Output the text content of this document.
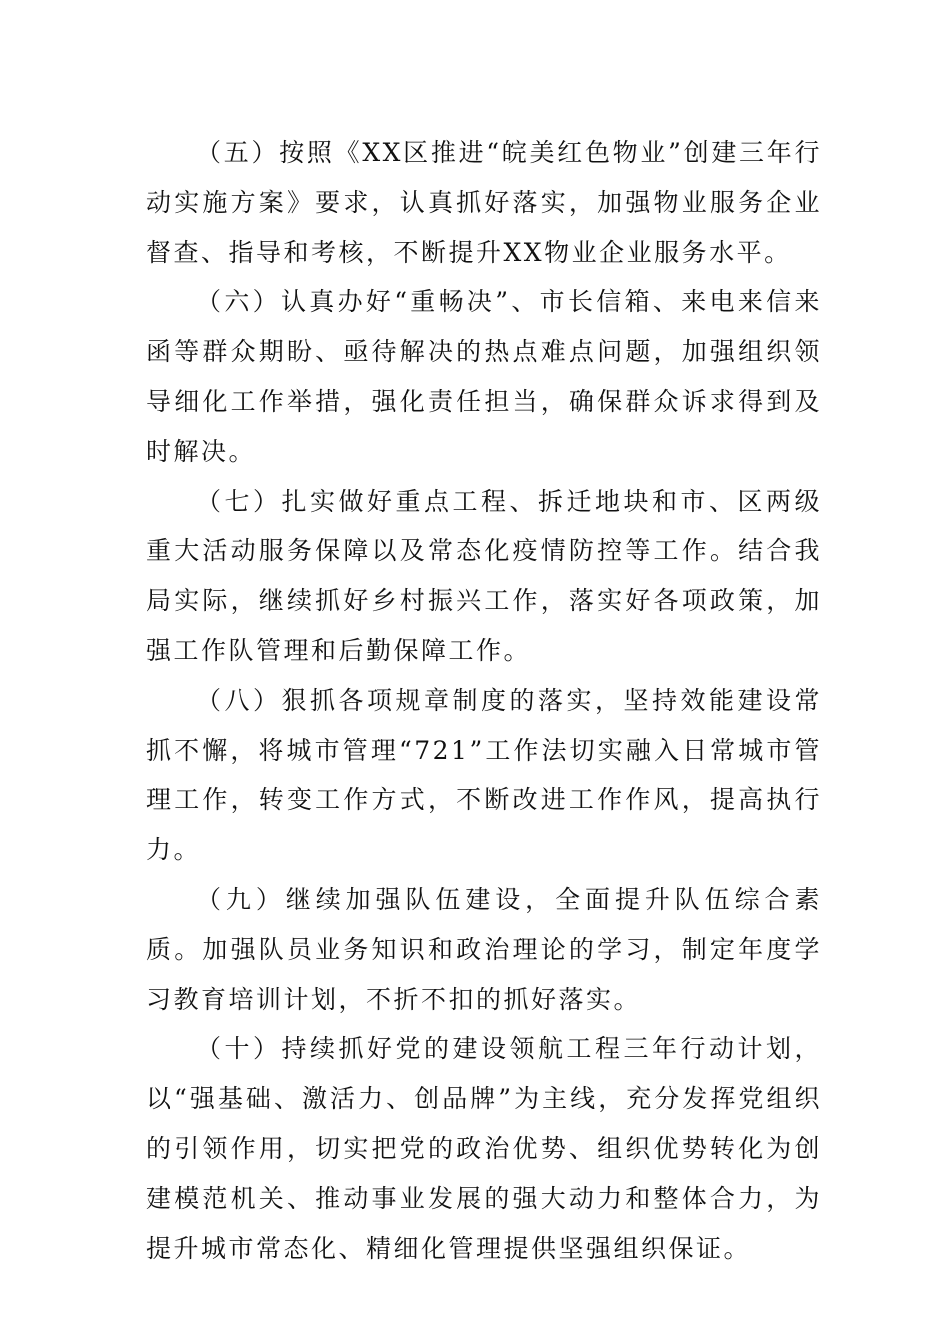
（五）按照《XX区推进“皖美红色物业”创建三年行动实施方案》要求，认真抓好落实，加强物业服务企业督查、指导和考核，不断提升XX物业企业服务水平。

（六）认真办好“重畅决”、市长信箱、来电来信来函等群众期盼、亟待解决的热点难点问题，加强组织领导细化工作举措，强化责任担当，确保群众诉求得到及时解决。

（七）扎实做好重点工程、拆迁地块和市、区两级重大活动服务保障以及常态化疫情防控等工作。结合我局实际，继续抓好乡村振兴工作，落实好各项政策，加强工作队管理和后勤保障工作。

（八）狠抓各项规章制度的落实，坚持效能建设常抓不懈，将城市管理“721”工作法切实融入日常城市管理工作，转变工作方式，不断改进工作作风，提高执行力。

（九）继续加强队伍建设，全面提升队伍综合素质。加强队员业务知识和政治理论的学习，制定年度学习教育培训计划，不折不扣的抓好落实。

（十）持续抓好党的建设领航工程三年行动计划，以“强基础、激活力、创品牌”为主线，充分发挥党组织的引领作用，切实把党的政治优势、组织优势转化为创建模范机关、推动事业发展的强大动力和整体合力，为提升城市常态化、精细化管理提供坚强组织保证。
